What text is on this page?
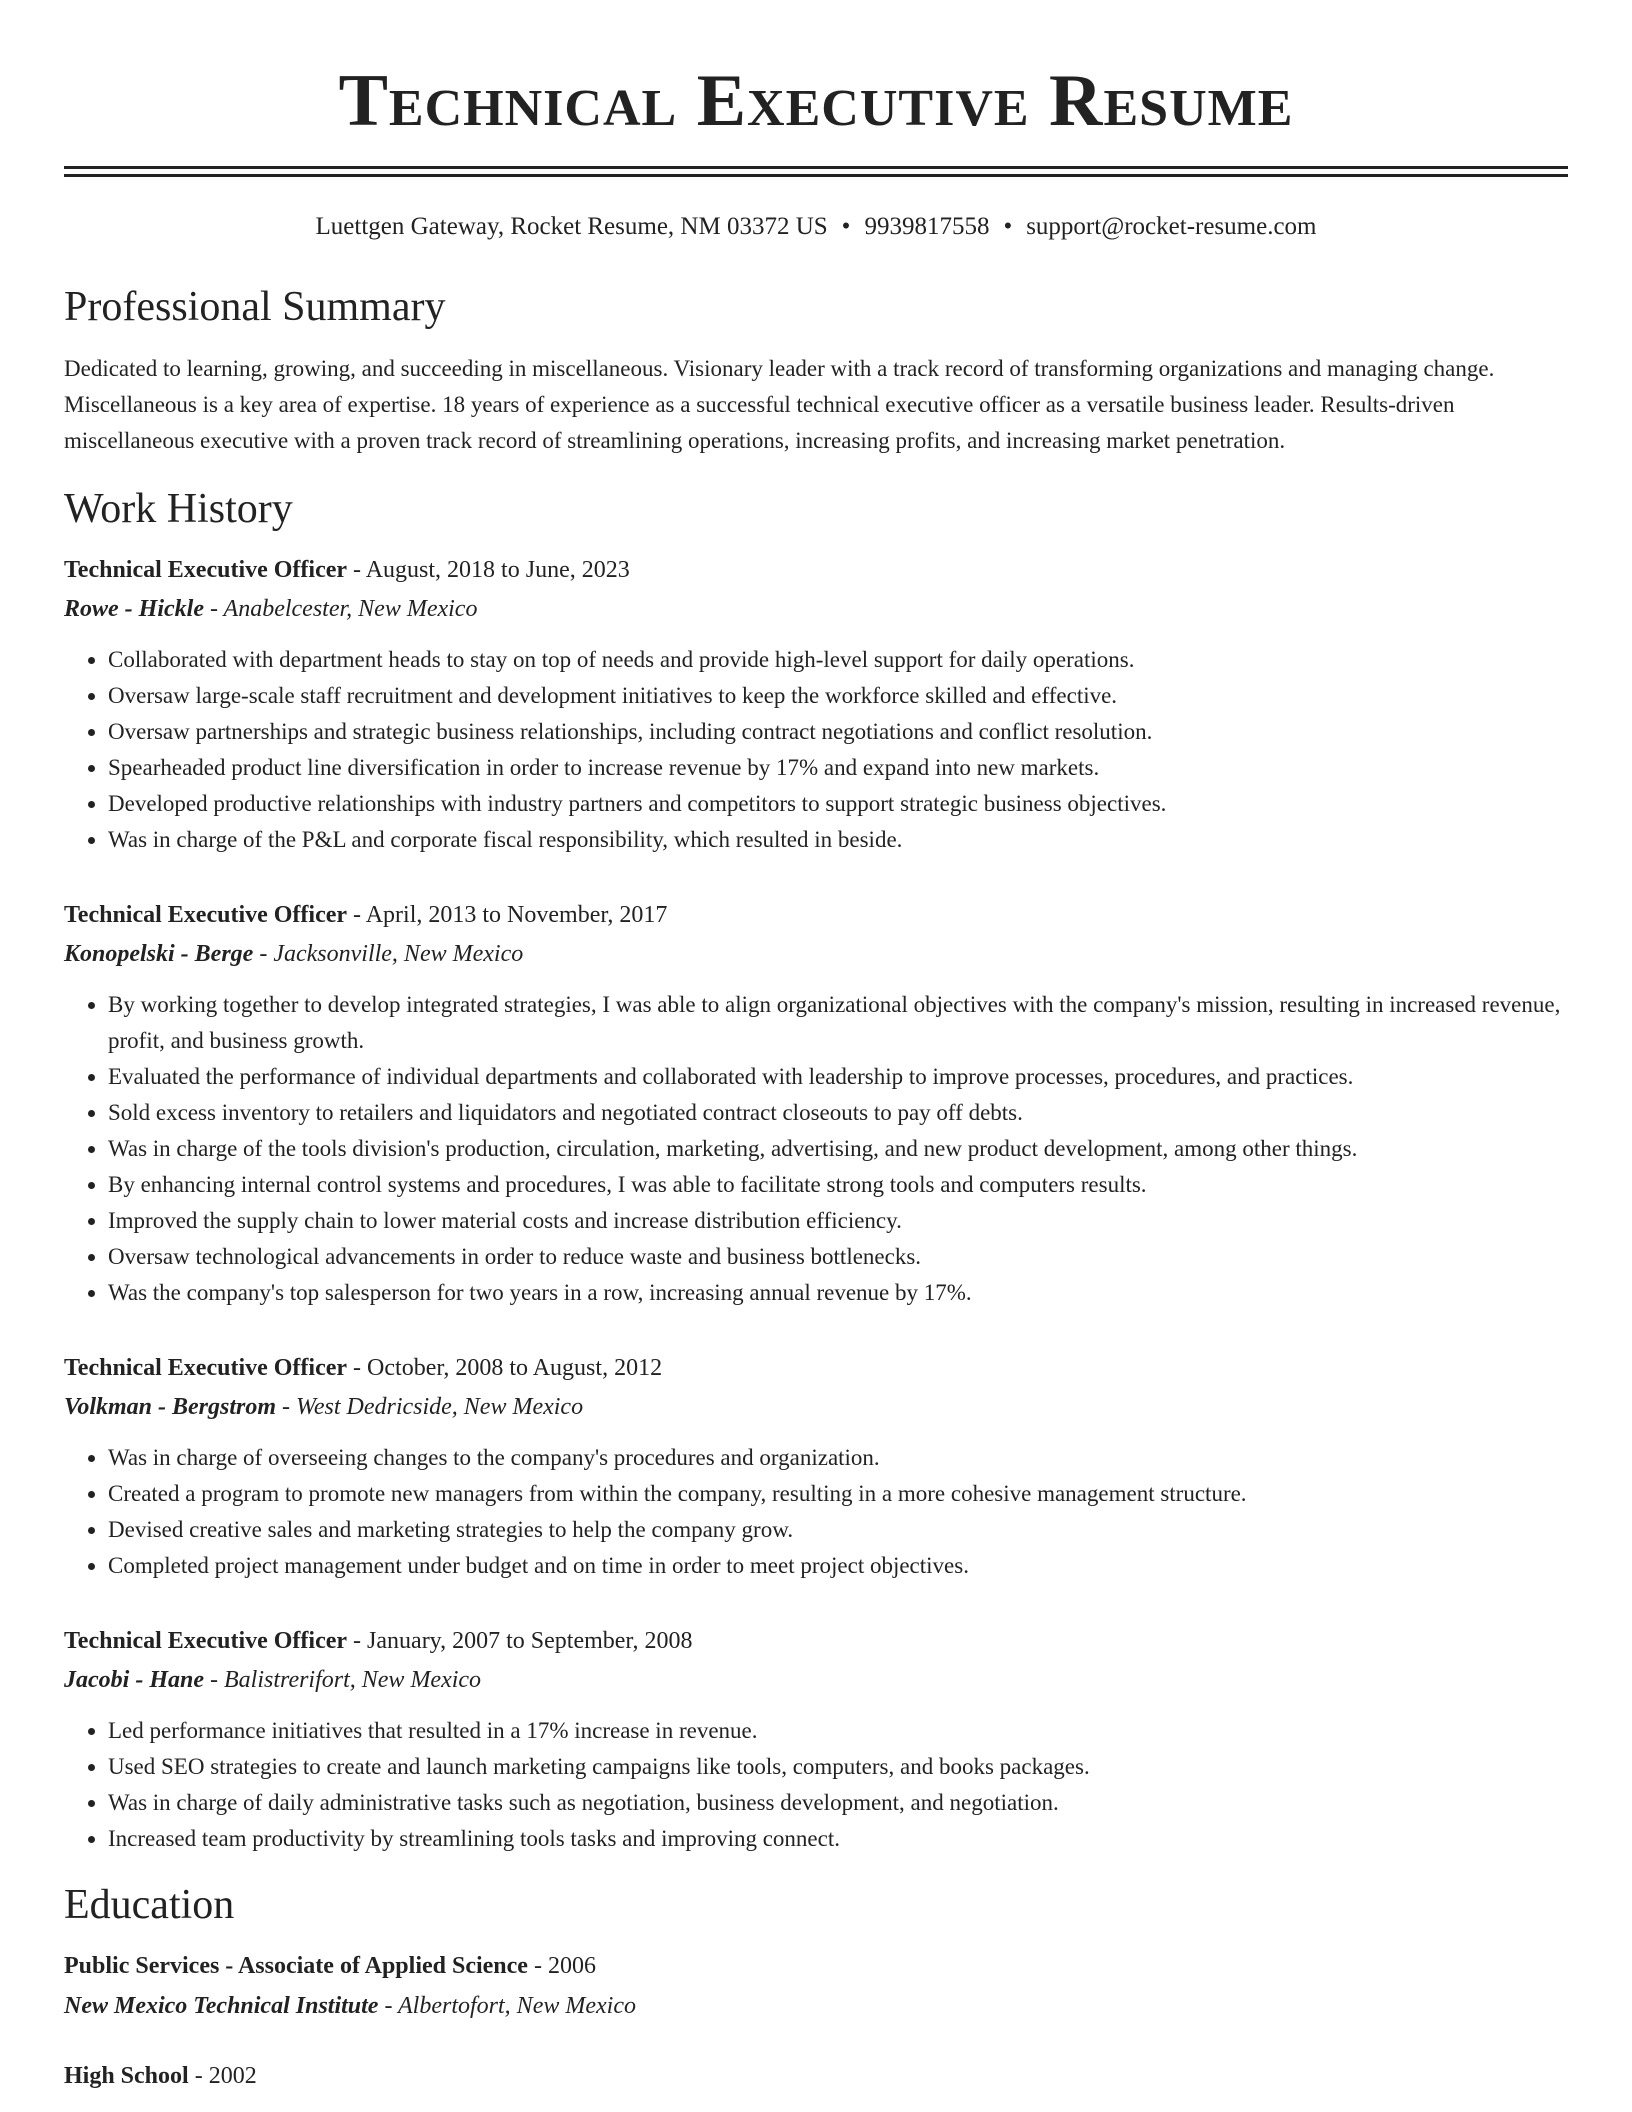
Technical Executive Resume
Luettgen Gateway, Rocket Resume, NM 03372 US • 9939817558 • support@rocket-resume.com
Professional Summary
Dedicated to learning, growing, and succeeding in miscellaneous. Visionary leader with a track record of transforming organizations and managing change. Miscellaneous is a key area of expertise. 18 years of experience as a successful technical executive officer as a versatile business leader. Results-driven miscellaneous executive with a proven track record of streamlining operations, increasing profits, and increasing market penetration.
Work History
Technical Executive Officer - August, 2018 to June, 2023
Rowe - Hickle - Anabelcester, New Mexico
• Collaborated with department heads to stay on top of needs and provide high-level support for daily operations.
• Oversaw large-scale staff recruitment and development initiatives to keep the workforce skilled and effective.
• Oversaw partnerships and strategic business relationships, including contract negotiations and conflict resolution.
• Spearheaded product line diversification in order to increase revenue by 17% and expand into new markets.
• Developed productive relationships with industry partners and competitors to support strategic business objectives.
• Was in charge of the P&L and corporate fiscal responsibility, which resulted in beside.
Technical Executive Officer - April, 2013 to November, 2017
Konopelski - Berge - Jacksonville, New Mexico
• By working together to develop integrated strategies, I was able to align organizational objectives with the company's mission, resulting in increased revenue, profit, and business growth.
• Evaluated the performance of individual departments and collaborated with leadership to improve processes, procedures, and practices.
• Sold excess inventory to retailers and liquidators and negotiated contract closeouts to pay off debts.
• Was in charge of the tools division's production, circulation, marketing, advertising, and new product development, among other things.
• By enhancing internal control systems and procedures, I was able to facilitate strong tools and computers results.
• Improved the supply chain to lower material costs and increase distribution efficiency.
• Oversaw technological advancements in order to reduce waste and business bottlenecks.
• Was the company's top salesperson for two years in a row, increasing annual revenue by 17%.
Technical Executive Officer - October, 2008 to August, 2012
Volkman - Bergstrom - West Dedricside, New Mexico
• Was in charge of overseeing changes to the company's procedures and organization.
• Created a program to promote new managers from within the company, resulting in a more cohesive management structure.
• Devised creative sales and marketing strategies to help the company grow.
• Completed project management under budget and on time in order to meet project objectives.
Technical Executive Officer - January, 2007 to September, 2008
Jacobi - Hane - Balistrerifort, New Mexico
• Led performance initiatives that resulted in a 17% increase in revenue.
• Used SEO strategies to create and launch marketing campaigns like tools, computers, and books packages.
• Was in charge of daily administrative tasks such as negotiation, business development, and negotiation.
• Increased team productivity by streamlining tools tasks and improving connect.
Education
Public Services - Associate of Applied Science - 2006
New Mexico Technical Institute - Albertofort, New Mexico
High School - 2002
